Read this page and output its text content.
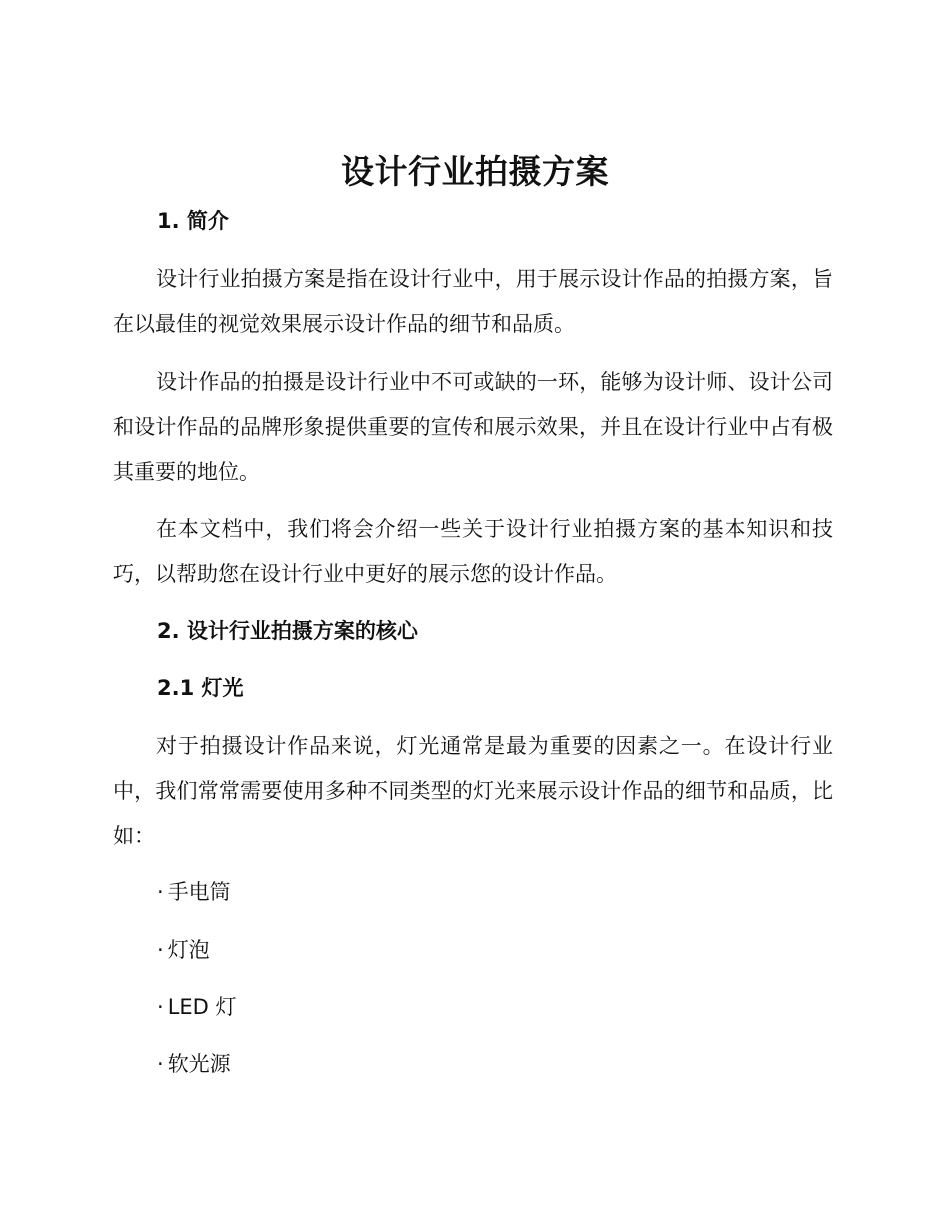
设计行业拍摄方案
1. 简介

设计行业拍摄方案是指在设计行业中，用于展示设计作品的拍摄方案，旨在以最佳的视觉效果展示设计作品的细节和品质。

设计作品的拍摄是设计行业中不可或缺的一环，能够为设计师、设计公司和设计作品的品牌形象提供重要的宣传和展示效果，并且在设计行业中占有极其重要的地位。

在本文档中，我们将会介绍一些关于设计行业拍摄方案的基本知识和技巧，以帮助您在设计行业中更好的展示您的设计作品。

2. 设计行业拍摄方案的核心
2.1 灯光

对于拍摄设计作品来说，灯光通常是最为重要的因素之一。在设计行业中，我们常常需要使用多种不同类型的灯光来展示设计作品的细节和品质，比如：

· 手电筒
· 灯泡
· LED 灯
· 软光源
